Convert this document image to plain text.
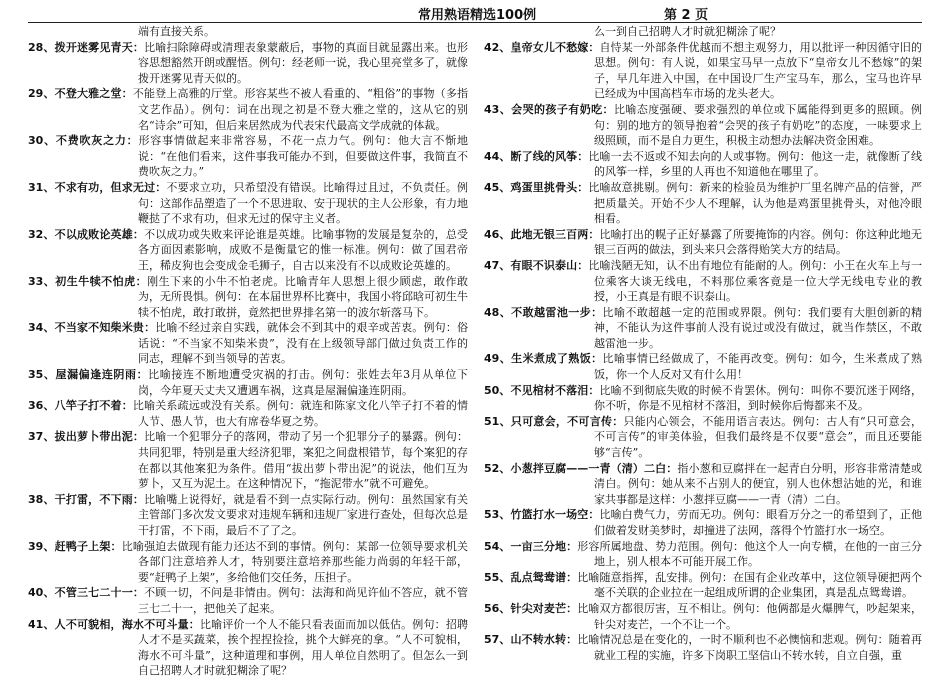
常用熟语精选100例	第 2 页

端有直接关系。

28、拨开迷雾见青天：比喻扫除障碍或清理表象蒙蔽后，事物的真面目就显露出来。也形容思想豁然开朗或醒悟。例句：经老师一说，我心里亮堂多了，就像拨开迷雾见青天似的。

29、不登大雅之堂：不能登上高雅的厅堂。形容某些不被人看重的、“粗俗”的事物（多指文艺作品）。例句：词在出现之初是不登大雅之堂的，这从它的别名“诗余”可知，但后来居然成为代表宋代最高文学成就的体裁。

30、不费吹灰之力：形容事情做起来非常容易，不花一点力气。例句：他大言不惭地说：“在他们看来，这件事我可能办不到，但要做这件事，我简直不费吹灰之力。”

31、不求有功，但求无过：不要求立功，只希望没有错误。比喻得过且过，不负责任。例句：这部作品塑造了一个不思进取、安于现状的主人公形象，有力地鞭挞了不求有功，但求无过的保守主义者。

32、不以成败论英雄：不以成功或失败来评论谁是英雄。比喻事物的发展是复杂的，总受各方面因素影响，成败不是衡量它的惟一标准。例句：做了国君帝王，稀皮狗也会变成金毛狮子，自古以来没有不以成败论英雄的。

33、初生牛犊不怕虎：刚生下来的小牛不怕老虎。比喻青年人思想上很少顾虑，敢作敢为，无所畏惧。例句：在本届世界杯比赛中，我国小将邱晗可初生牛犊不怕虎，敢打敢拼，竟然把世界排名第一的波尔斩落马下。

34、不当家不知柴米贵：比喻不经过亲自实践，就体会不到其中的艰辛或苦衷。例句：俗话说：“不当家不知柴米贵”，没有在上级领导部门做过负责工作的同志，理解不到当领导的苦衷。

35、屋漏偏逢连阴雨：比喻接连不断地遭受灾祸的打击。例句：张姓去年3月从单位下岗，今年夏天丈夫又遭遇车祸，这真是屋漏偏逢连阴雨。

36、八竿子打不着：比喻关系疏远或没有关系。例句：就连和陈家文化八竿子打不着的情人节、愚人节，也大有席卷华夏之势。

37、拔出萝卜带出泥：比喻一个犯罪分子的落网，带动了另一个犯罪分子的暴露。例句：共同犯罪，特别是重大经济犯罪，案犯之间盘根错节，每个案犯的存在都以其他案犯为条件。借用“拔出萝卜带出泥”的说法，他们互为萝卜，又互为泥土。在这种情况下，“拖泥带水”就不可避免。

38、干打雷，不下雨：比喻嘴上说得好，就是看不到一点实际行动。例句：虽然国家有关主管部门多次发文要求对违规车辆和违规厂家进行查处，但每次总是干打雷，不下雨，最后不了了之。

39、赶鸭子上架：比喻强迫去做现有能力还达不到的事情。例句：某部一位领导要求机关各部门注意培养人才，特别要注意培养那些能力尚弱的年轻干部，要“赶鸭子上架”，多给他们交任务，压担子。

40、不管三七二十一：不顾一切，不问是非情由。例句：法海和尚见许仙不答应，就不管三七二十一，把他关了起来。

41、人不可貌相，海水不可斗量：比喻评价一个人不能只看表面而加以低估。例句：招聘人才不是买蔬菜，挨个捏捏捡捡，挑个大鲜亮的拿。“人不可貌相，海水不可斗量”，这种道理和事例，用人单位自然明了。但怎么一到自己招聘人才时就犯糊涂了呢？

么一到自己招聘人才时就犯糊涂了呢？

42、皇帝女儿不愁嫁：自恃某一外部条件优越而不想主观努力，用以批评一种因循守旧的思想。例句：有人说，如果宝马早一点放下“皇帝女儿不愁嫁”的架子，早几年进入中国，在中国设厂生产宝马车，那么，宝马也许早已经成为中国高档车市场的龙头老大。

43、会哭的孩子有奶吃：比喻态度强硬、要求强烈的单位或下属能得到更多的照顾。例句：别的地方的领导抱着“会哭的孩子有奶吃”的态度，一味要求上级照顾，而不是自力更生，积极主动想办法解决资金困难。

44、断了线的风筝：比喻一去不返或不知去向的人或事物。例句：他这一走，就像断了线的风筝一样，乡里的人再也不知道他在哪里了。

45、鸡蛋里挑骨头：比喻故意挑剔。例句：新来的检验员为维护厂里名牌产品的信誉，严把质量关。开始不少人不理解，认为他是鸡蛋里挑骨头，对他冷眼相看。

46、此地无银三百两：比喻打出的幌子正好暴露了所要掩饰的内容。例句：你这种此地无银三百两的做法，到头来只会落得贻笑大方的结局。

47、有眼不识泰山：比喻浅陋无知，认不出有地位有能耐的人。例句：小王在火车上与一位乘客大谈无线电，不料那位乘客竟是一位大学无线电专业的教授，小王真是有眼不识泰山。

48、不敢越雷池一步：比喻不敢超越一定的范围或界限。例句：我们要有大胆创新的精神，不能认为这件事前人没有说过或没有做过，就当作禁区，不敢越雷池一步。

49、生米煮成了熟饭：比喻事情已经做成了，不能再改变。例句：如今，生米煮成了熟饭，你一个人反对又有什么用！

50、不见棺材不落泪：比喻不到彻底失败的时候不肯罢休。例句：叫你不要沉迷于网络，你不听，你是不见棺材不落泪，到时候你后悔都来不及。

51、只可意会，不可言传：只能内心领会，不能用语言表达。例句：古人有“只可意会，不可言传”的审美体验，但我们最终是不仅要“意会”，而且还要能够“言传”。

52、小葱拌豆腐——一青（清）二白：指小葱和豆腐拌在一起青白分明，形容非常清楚或清白。例句：她从来不占别人的便宜，别人也休想沾她的光，和谁家共事都是这样：小葱拌豆腐——一青（清）二白。

53、竹篮打水一场空：比喻白费气力，劳而无功。例句：眼看万分之一的希望到了，正他们做着发财美梦时，却撞进了法网，落得个竹篮打水一场空。

54、一亩三分地：形容所属地盘、势力范围。例句：他这个人一向专横，在他的一亩三分地上，别人根本不可能开展工作。

55、乱点鸳鸯谱：比喻随意指挥，乱安排。例句：在国有企业改革中，这位领导硬把两个毫不关联的企业拉在一起组成所谓的企业集团，真是乱点鸳鸯谱。

56、针尖对麦芒：比喻双方都很厉害，互不相让。例句：他俩都是火爆脾气，吵起架来，针尖对麦芒，一个不让一个。

57、山不转水转：比喻情况总是在变化的，一时不顺利也不必懊恼和悲观。例句：随着再就业工程的实施，许多下岗职工坚信山不转水转，自立自强，重
